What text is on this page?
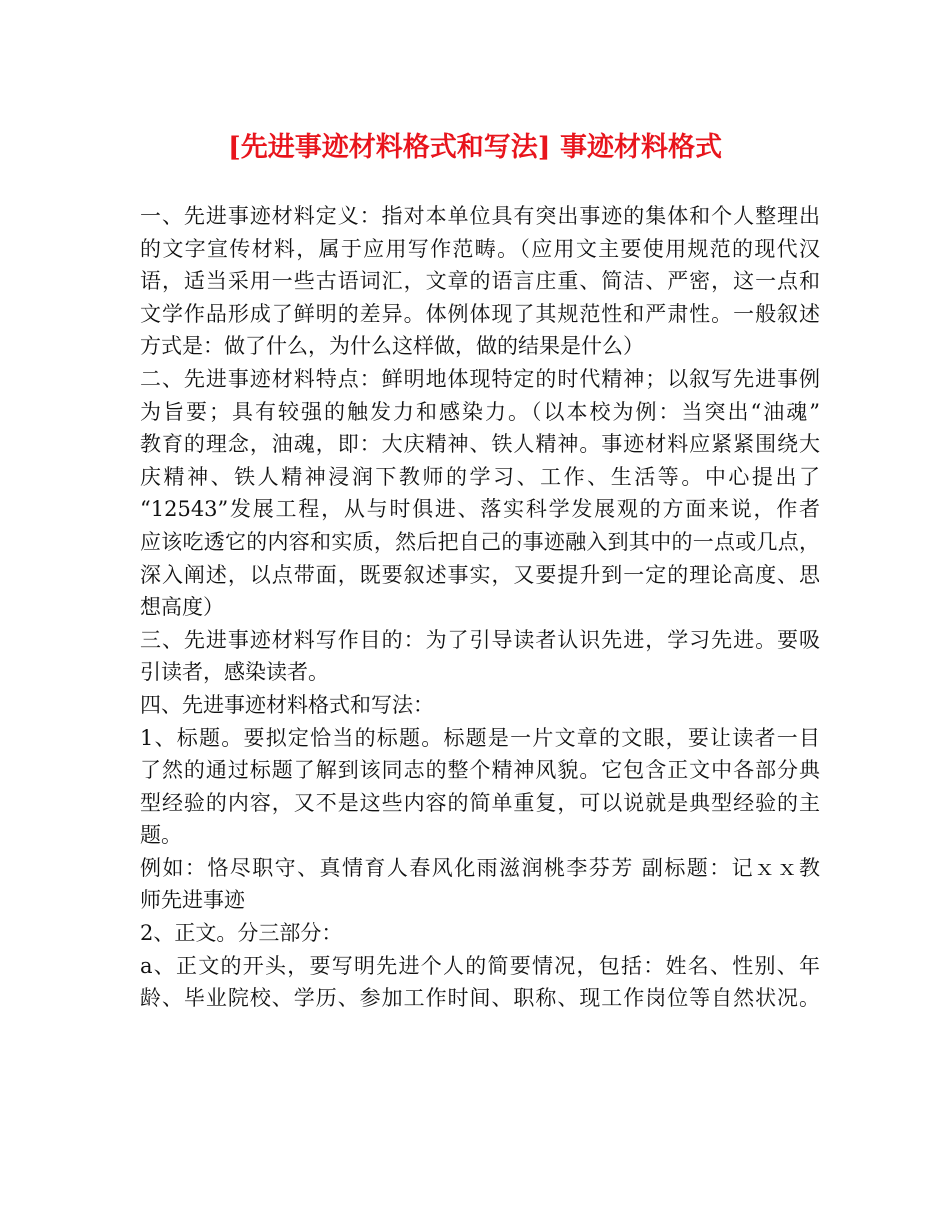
[先进事迹材料格式和写法] 事迹材料格式
一、先进事迹材料定义：指对本单位具有突出事迹的集体和个人整理出
的文字宣传材料，属于应用写作范畴。（应用文主要使用规范的现代汉
语，适当采用一些古语词汇，文章的语言庄重、简洁、严密，这一点和
文学作品形成了鲜明的差异。体例体现了其规范性和严肃性。一般叙述
方式是：做了什么，为什么这样做，做的结果是什么）
二、先进事迹材料特点：鲜明地体现特定的时代精神；以叙写先进事例
为旨要；具有较强的触发力和感染力。（以本校为例：当突出“油魂”
教育的理念，油魂，即：大庆精神、铁人精神。事迹材料应紧紧围绕大
庆精神、铁人精神浸润下教师的学习、工作、生活等。中心提出了
“12543”发展工程，从与时俱进、落实科学发展观的方面来说，作者
应该吃透它的内容和实质，然后把自己的事迹融入到其中的一点或几点，
深入阐述，以点带面，既要叙述事实，又要提升到一定的理论高度、思
想高度）
三、先进事迹材料写作目的：为了引导读者认识先进，学习先进。要吸
引读者，感染读者。
四、先进事迹材料格式和写法：
1、标题。要拟定恰当的标题。标题是一片文章的文眼，要让读者一目
了然的通过标题了解到该同志的整个精神风貌。它包含正文中各部分典
型经验的内容，又不是这些内容的简单重复，可以说就是典型经验的主
题。
例如：恪尽职守、真情育人春风化雨滋润桃李芬芳 副标题：记ｘｘ教
师先进事迹
2、正文。分三部分：
a、正文的开头，要写明先进个人的简要情况，包括：姓名、性别、年
龄、毕业院校、学历、参加工作时间、职称、现工作岗位等自然状况。
